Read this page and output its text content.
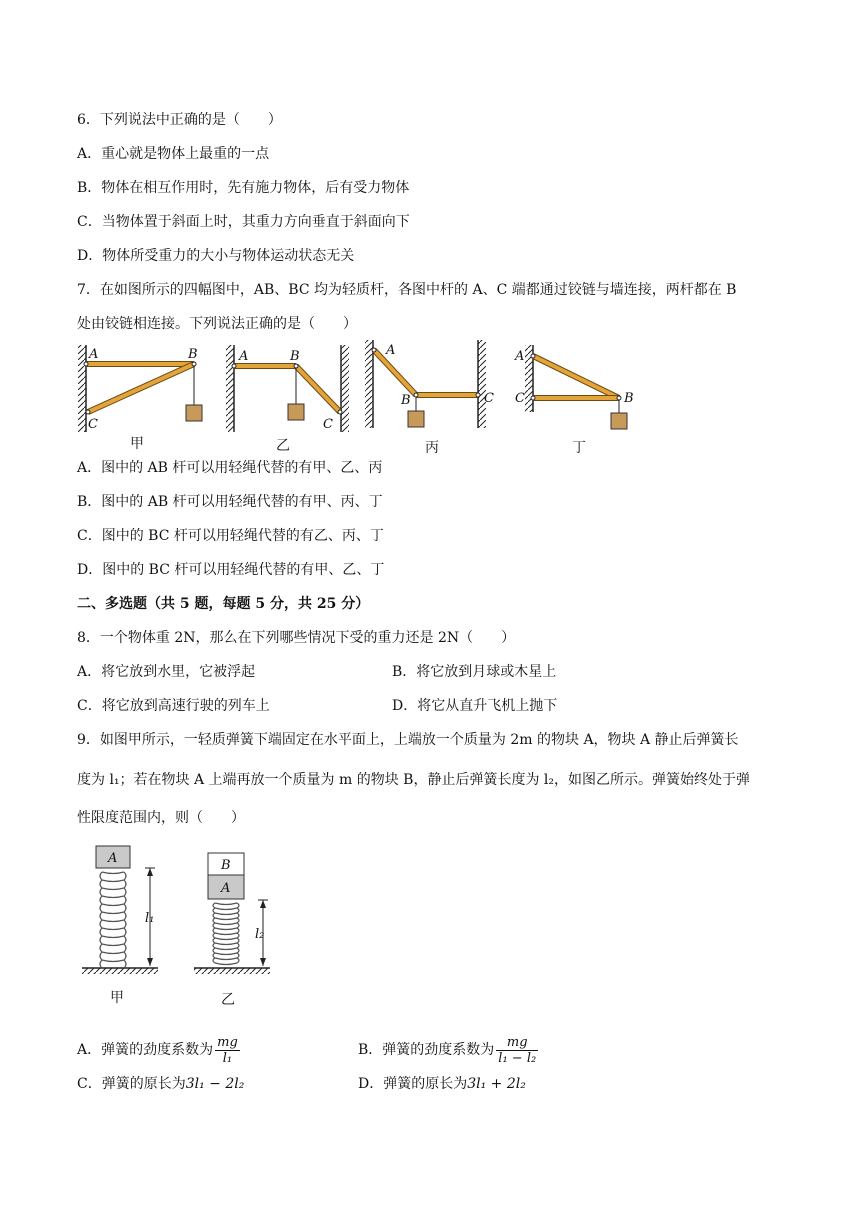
6．下列说法中正确的是（　　）
A．重心就是物体上最重的一点
B．物体在相互作用时，先有施力物体，后有受力物体
C．当物体置于斜面上时，其重力方向垂直于斜面向下
D．物体所受重力的大小与物体运动状态无关
7．在如图所示的四幅图中，AB、BC 均为轻质杆，各图中杆的 A、C 端都通过铰链与墙连接，两杆都在 B
处由铰链相连接。下列说法正确的是（　　）
A	B
C
甲
A	B
C
乙
A
B	C
丙
A
C	B
丁
A
l₁
甲
B
A
l₂
乙
A．图中的 AB 杆可以用轻绳代替的有甲、乙、丙
B．图中的 AB 杆可以用轻绳代替的有甲、丙、丁
C．图中的 BC 杆可以用轻绳代替的有乙、丙、丁
D．图中的 BC 杆可以用轻绳代替的有甲、乙、丁
二、多选题（共 5 题，每题 5 分，共 25 分）
8．一个物体重 2N，那么在下列哪些情况下受的重力还是 2N（　　）
A．将它放到水里，它被浮起	B．将它放到月球或木星上
C．将它放到高速行驶的列车上	D．将它从直升飞机上抛下
9．如图甲所示，一轻质弹簧下端固定在水平面上，上端放一个质量为 2m 的物块 A，物块 A 静止后弹簧长
度为 l₁；若在物块 A 上端再放一个质量为 m 的物块 B，静止后弹簧长度为 l₂，如图乙所示。弹簧始终处于弹
性限度范围内，则（　　）
A．弹簧的劲度系数为 $\frac{mg}{\text{l₁}}$	B．弹簧的劲度系数为 $\frac{mg}{\text{l₁ − l₂}}$
C．弹簧的原长为3l₁ − 2l₂	D．弹簧的原长为3l₁ + 2l₂
